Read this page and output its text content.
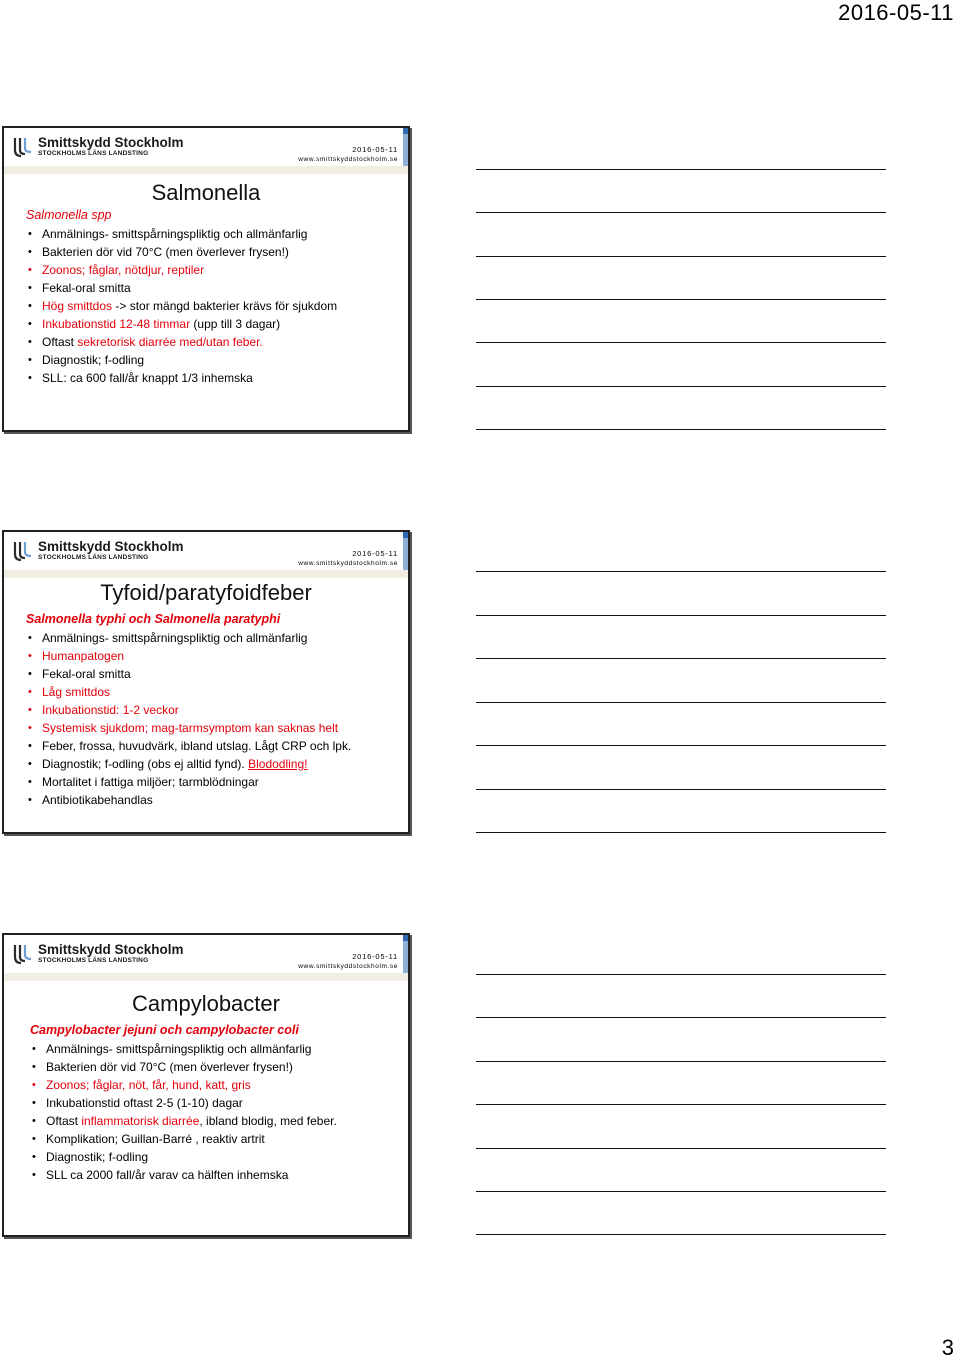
2016-05-11
Smittskydd Stockholm
STOCKHOLMS LÄNS LANDSTING	2016-05-11
www.smittskyddstockholm.se
Salmonella
Salmonella spp
• Anmälnings- smittspårningspliktig och allmänfarlig
• Bakterien dör vid 70°C (men överlever frysen!)
• Zoonos; fåglar, nötdjur, reptiler
• Fekal-oral smitta
• Hög smittdos -> stor mängd bakterier krävs för sjukdom
• Inkubationstid 12-48 timmar (upp till 3 dagar)
• Oftast sekretorisk diarrée med/utan feber.
• Diagnostik; f-odling
• SLL: ca 600 fall/år knappt 1/3 inhemska
Smittskydd Stockholm
STOCKHOLMS LÄNS LANDSTING	2016-05-11
www.smittskyddstockholm.se
Tyfoid/paratyfoidfeber
Salmonella typhi och Salmonella paratyphi
• Anmälnings- smittspårningspliktig och allmänfarlig
• Humanpatogen
• Fekal-oral smitta
• Låg smittdos
• Inkubationstid: 1-2 veckor
• Systemisk sjukdom; mag-tarmsymptom kan saknas helt
• Feber, frossa, huvudvärk, ibland utslag. Lågt CRP och lpk.
• Diagnostik; f-odling (obs ej alltid fynd). Blododling!
• Mortalitet i fattiga miljöer; tarmblödningar
• Antibiotikabehandlas
Smittskydd Stockholm
STOCKHOLMS LÄNS LANDSTING	2016-05-11
www.smittskyddstockholm.se
Campylobacter
Campylobacter jejuni och campylobacter coli
• Anmälnings- smittspårningspliktig och allmänfarlig
• Bakterien dör vid 70°C (men överlever frysen!)
• Zoonos; fåglar, nöt, får, hund, katt, gris
• Inkubationstid oftast 2-5 (1-10) dagar
• Oftast inflammatorisk diarrée, ibland blodig, med feber.
• Komplikation; Guillan-Barré , reaktiv artrit
• Diagnostik; f-odling
• SLL ca 2000 fall/år varav ca hälften inhemska
3
